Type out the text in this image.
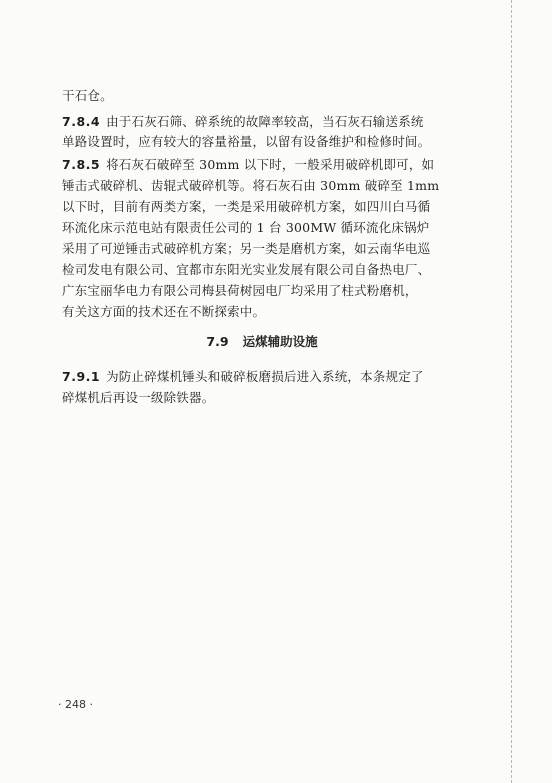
干石仓。
7.8.4 由于石灰石筛、碎系统的故障率较高，当石灰石输送系统
单路设置时，应有较大的容量裕量，以留有设备维护和检修时间。
7.8.5 将石灰石破碎至 30mm 以下时，一般采用破碎机即可，如
锤击式破碎机、齿辊式破碎机等。将石灰石由 30mm 破碎至 1mm
以下时，目前有两类方案，一类是采用破碎机方案，如四川白马循
环流化床示范电站有限责任公司的 1 台 300MW 循环流化床锅炉
采用了可逆锤击式破碎机方案；另一类是磨机方案，如云南华电巡
检司发电有限公司、宜都市东阳光实业发展有限公司自备热电厂、
广东宝丽华电力有限公司梅县荷树园电厂均采用了柱式粉磨机，
有关这方面的技术还在不断探索中。
7.9 运煤辅助设施
7.9.1 为防止碎煤机锤头和破碎板磨损后进入系统，本条规定了
碎煤机后再设一级除铁器。
· 248 ·
